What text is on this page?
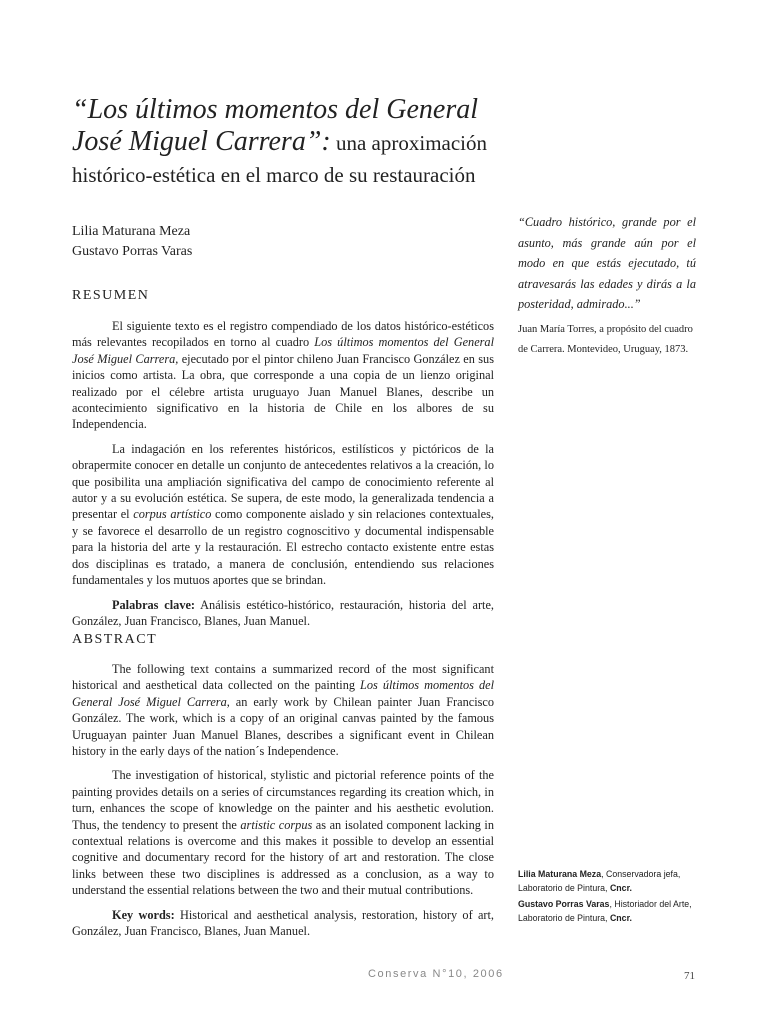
“Los últimos momentos del General José Miguel Carrera”: una aproximación histórico-estética en el marco de su restauración
Lilia Maturana Meza
Gustavo Porras Varas
RESUMEN

El siguiente texto es el registro compendiado de los datos histórico-estéticos más relevantes recopilados en torno al cuadro Los últimos momentos del General José Miguel Carrera, ejecutado por el pintor chileno Juan Francisco González en sus inicios como artista. La obra, que corresponde a una copia de un lienzo original realizado por el célebre artista uruguayo Juan Manuel Blanes, describe un acontecimiento significativo en la historia de Chile en los albores de su Independencia.

La indagación en los referentes históricos, estilísticos y pictóricos de la obrapermite conocer en detalle un conjunto de antecedentes relativos a la creación, lo que posibilita una ampliación significativa del campo de conocimiento referente al autor y a su evolución estética. Se supera, de este modo, la generalizada tendencia a presentar el corpus artístico como componente aislado y sin relaciones contextuales, y se favorece el desarrollo de un registro cognoscitivo y documental indispensable para la historia del arte y la restauración. El estrecho contacto existente entre estas dos disciplinas es tratado, a manera de conclusión, entendiendo sus relaciones fundamentales y los mutuos aportes que se brindan.

Palabras clave: Análisis estético-histórico, restauración, historia del arte, González, Juan Francisco, Blanes, Juan Manuel.

ABSTRACT

The following text contains a summarized record of the most significant historical and aesthetical data collected on the painting Los últimos momentos del General José Miguel Carrera, an early work by Chilean painter Juan Francisco González. The work, which is a copy of an original canvas painted by the famous Uruguayan painter Juan Manuel Blanes, describes a significant event in Chilean history in the early days of the nation´s Independence.

The investigation of historical, stylistic and pictorial reference points of the painting provides details on a series of circumstances regarding its creation which, in turn, enhances the scope of knowledge on the painter and his aesthetic evolution. Thus, the tendency to present the artistic corpus as an isolated component lacking in contextual relations is overcome and this makes it possible to develop an essential cognitive and documentary record for the history of art and restoration. The close links between these two disciplines is addressed as a conclusion, as a way to understand the essential relations between the two and their mutual contributions.

Key words: Historical and aesthetical analysis, restoration, history of art, González, Juan Francisco, Blanes, Juan Manuel.

“Cuadro histórico, grande por el asunto, más grande aún por el modo en que estás ejecutado, tú atravesarás las edades y dirás a la posteridad, admirado...”
Juan María Torres, a propósito del cuadro de Carrera. Montevideo, Uruguay, 1873.

Lilia Maturana Meza, Conservadora jefa, Laboratorio de Pintura, Cncr.

Gustavo Porras Varas, Historiador del Arte, Laboratorio de Pintura, Cncr.

Conserva N°10, 2006	71
